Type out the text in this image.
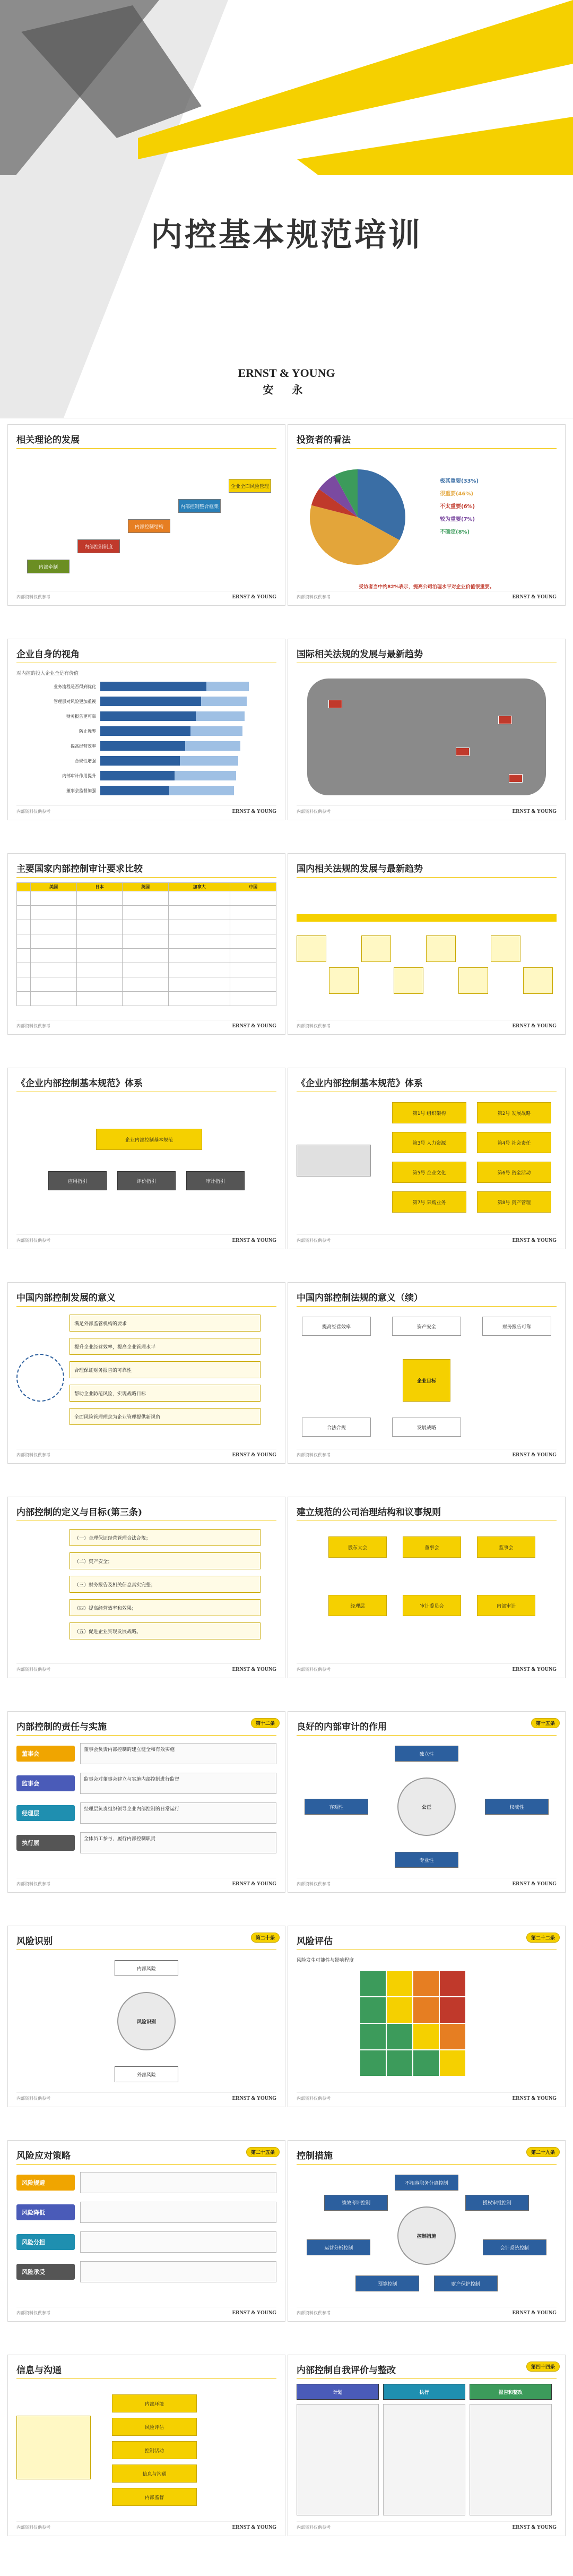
内控基本规范培训
ERNST & YOUNG
安 永
相关理论的发展
内部牵制
内部控制制度
内部控制结构
内部控制整合框架
企业全面风险管理
内部资料仅供参考	ERNST & YOUNG
投资者的看法
极其重要(33%)
很重要(46%)
不太重要(6%)
较为重要(7%)
不确定(8%)
受访者当中约82%表示，提高公司治理水平对企业价值很重要。
内部资料仅供参考	ERNST & YOUNG
企业自身的视角
对内控的投入企业全是有价值
业务流程是否得到优化
管理层对风险更加重视
财务报告更可靠
防止舞弊
提高经营效率
合规性增强
内部审计作用提升
董事会监督加强
内部资料仅供参考	ERNST & YOUNG
国际相关法规的发展与最新趋势
内部资料仅供参考	ERNST & YOUNG
主要国家内部控制审计要求比较
	美国	日本	英国	加拿大	中国

内部资料仅供参考	ERNST & YOUNG
国内相关法规的发展与最新趋势
内部资料仅供参考	ERNST & YOUNG
《企业内部控制基本规范》体系
企业内部控制基本规范
应用指引	评价指引	审计指引
内部资料仅供参考	ERNST & YOUNG
《企业内部控制基本规范》体系
第1号 组织架构	第2号 发展战略
第3号 人力资源	第4号 社会责任
第5号 企业文化	第6号 资金活动
第7号 采购业务	第8号 资产管理
内部资料仅供参考	ERNST & YOUNG
中国内部控制发展的意义
满足外部监管机构的要求
提升企业经营效率，提高企业管理水平
合理保证财务报告的可靠性
帮助企业防范风险，实现战略目标
全面风险管理理念为企业管理提供新视角
内部资料仅供参考	ERNST & YOUNG
中国内部控制法规的意义（续）
企业目标
提高经营效率	资产安全	财务报告可靠
合法合规	发展战略
内部资料仅供参考	ERNST & YOUNG
内部控制的定义与目标(第三条)
（一）合理保证经营管理合法合规；
（二）资产安全；
（三）财务报告及相关信息真实完整；
（四）提高经营效率和效果；
（五）促进企业实现发展战略。
内部资料仅供参考	ERNST & YOUNG
建立规范的公司治理结构和议事规则
股东大会	董事会	监事会
经理层	审计委员会	内部审计
内部资料仅供参考	ERNST & YOUNG
内部控制的责任与实施	第十二条
董事会
董事会负责内部控制的建立健全和有效实施
监事会
监事会对董事会建立与实施内部控制进行监督
经理层
经理层负责组织领导企业内部控制的日常运行
执行层
全体员工参与，履行内部控制职责
内部资料仅供参考	ERNST & YOUNG
良好的内部审计的作用	第十五条
公正
独立性
权威性
专业性
客观性
内部资料仅供参考	ERNST & YOUNG
风险识别	第二十条
风险识别
内部风险
外部风险
内部资料仅供参考	ERNST & YOUNG
风险评估	第二十二条
风险发生可能性与影响程度
内部资料仅供参考	ERNST & YOUNG
风险应对策略	第二十五条
风险规避
风险降低
风险分担
风险承受
内部资料仅供参考	ERNST & YOUNG
控制措施	第二十九条
控制措施
不相容职务分离控制
授权审批控制
会计系统控制
财产保护控制
预算控制
运营分析控制
绩效考评控制
内部资料仅供参考	ERNST & YOUNG
信息与沟通
内部环境
风险评估
控制活动
信息与沟通
内部监督
内部资料仅供参考	ERNST & YOUNG
内部控制自我评价与整改	第四十四条
计划	执行	报告和整改
内部资料仅供参考	ERNST & YOUNG
